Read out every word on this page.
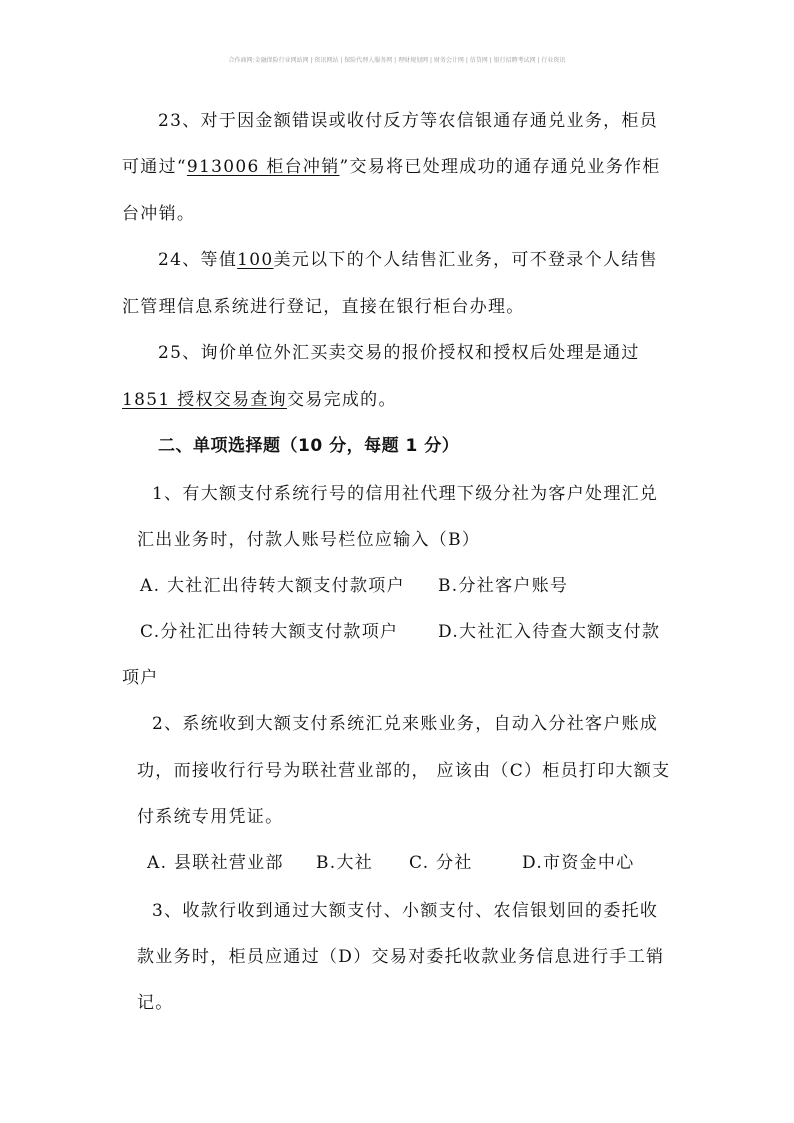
合作商网:金融保险行业网站网 | 资讯网站 | 保险代理人服务网 | 理财规划网 | 财务会计网 | 信贷网 | 银行招聘考试网 | 行业资讯
23、对于因金额错误或收付反方等农信银通存通兑业务，柜员
可通过“913006 柜台冲销”交易将已处理成功的通存通兑业务作柜
台冲销。
24、等值100美元以下的个人结售汇业务，可不登录个人结售
汇管理信息系统进行登记，直接在银行柜台办理。
25、询价单位外汇买卖交易的报价授权和授权后处理是通过
1851 授权交易查询交易完成的。
二、单项选择题（10 分，每题 1 分）
1、有大额支付系统行号的信用社代理下级分社为客户处理汇兑
汇出业务时，付款人账号栏位应输入（B）
A. 大社汇出待转大额支付款项户 B.分社客户账号
C.分社汇出待转大额支付款项户 D.大社汇入待查大额支付款
项户
2、系统收到大额支付系统汇兑来账业务，自动入分社客户账成
功，而接收行行号为联社营业部的， 应该由（C）柜员打印大额支
付系统专用凭证。
A. 县联社营业部 B.大社 C. 分社	D.市资金中心
3、收款行收到通过大额支付、小额支付、农信银划回的委托收
款业务时，柜员应通过（D）交易对委托收款业务信息进行手工销
记。
